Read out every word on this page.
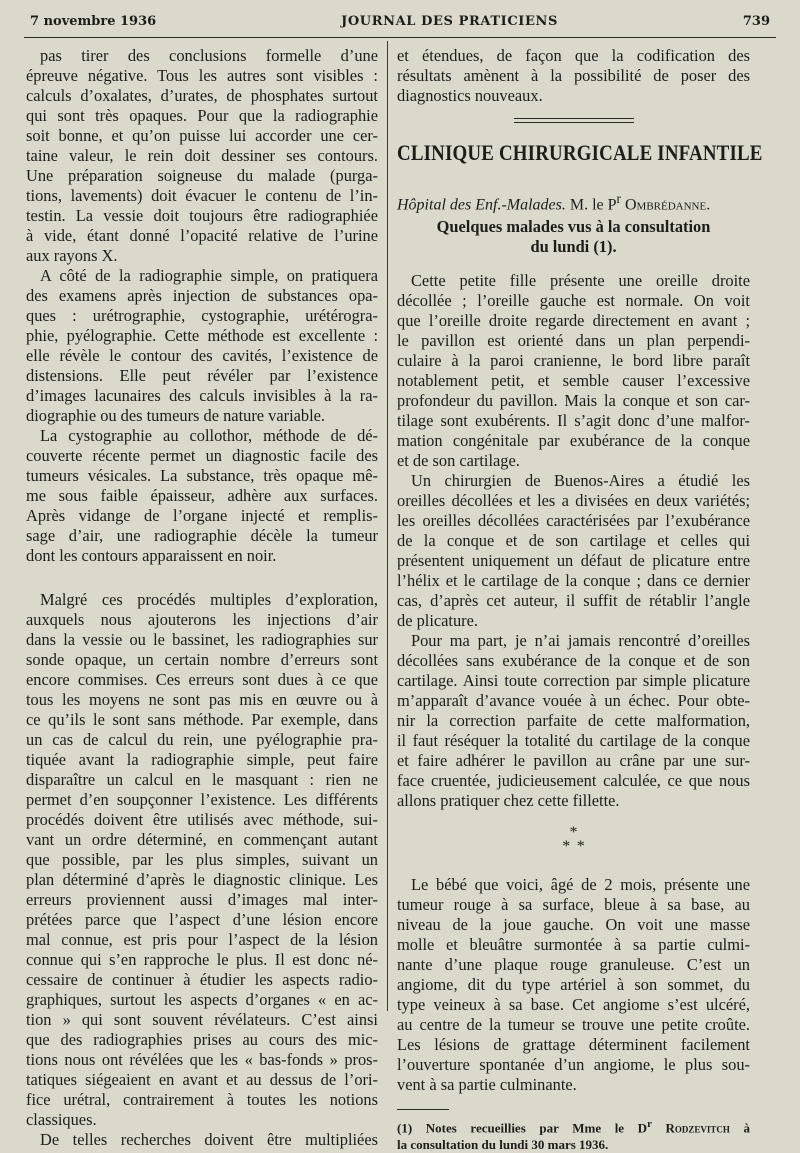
7 novembre 1936	JOURNAL DES PRATICIENS	739
pas tirer des conclusions formelle d’une
épreuve négative. Tous les autres sont visibles :
calculs d’oxalates, d’urates, de phosphates surtout
qui sont très opaques. Pour que la radiographie
soit bonne, et qu’on puisse lui accorder une cer-
taine valeur, le rein doit dessiner ses contours.
Une préparation soigneuse du malade (purga-
tions, lavements) doit évacuer le contenu de l’in-
testin. La vessie doit toujours être radiographiée
à vide, étant donné l’opacité relative de l’urine
aux rayons X.
A côté de la radiographie simple, on pratiquera
des examens après injection de substances opa-
ques : urétrographie, cystographie, urétérogra-
phie, pyélographie. Cette méthode est excellente :
elle révèle le contour des cavités, l’existence de
distensions. Elle peut révéler par l’existence
d’images lacunaires des calculs invisibles à la ra-
diographie ou des tumeurs de nature variable.
La cystographie au collothor, méthode de dé-
couverte récente permet un diagnostic facile des
tumeurs vésicales. La substance, très opaque mê-
me sous faible épaisseur, adhère aux surfaces.
Après vidange de l’organe injecté et remplis-
sage d’air, une radiographie décèle la tumeur
dont les contours apparaissent en noir.
Malgré ces procédés multiples d’exploration,
auxquels nous ajouterons les injections d’air
dans la vessie ou le bassinet, les radiographies sur
sonde opaque, un certain nombre d’erreurs sont
encore commises. Ces erreurs sont dues à ce que
tous les moyens ne sont pas mis en œuvre ou à
ce qu’ils le sont sans méthode. Par exemple, dans
un cas de calcul du rein, une pyélographie pra-
tiquée avant la radiographie simple, peut faire
disparaître un calcul en le masquant : rien ne
permet d’en soupçonner l’existence. Les différents
procédés doivent être utilisés avec méthode, sui-
vant un ordre déterminé, en commençant autant
que possible, par les plus simples, suivant un
plan déterminé d’après le diagnostic clinique. Les
erreurs proviennent aussi d’images mal inter-
prétées parce que l’aspect d’une lésion encore
mal connue, est pris pour l’aspect de la lésion
connue qui s’en rapproche le plus. Il est donc né-
cessaire de continuer à étudier les aspects radio-
graphiques, surtout les aspects d’organes « en ac-
tion » qui sont souvent révélateurs. C’est ainsi
que des radiographies prises au cours des mic-
tions nous ont révélées que les « bas-fonds » pros-
tatiques siégeaient en avant et au dessus de l’ori-
fice urétral, contrairement à toutes les notions
classiques.
De telles recherches doivent être multipliées
et étendues, de façon que la codification des
résultats amènent à la possibilité de poser des
diagnostics nouveaux.
CLINIQUE CHIRURGICALE INFANTILE
Hôpital des Enf.-Malades. M. le $P^r$ Ombrédanne.
Quelques malades vus à la consultation
du lundi (1).
Cette petite fille présente une oreille droite
décollée ; l’oreille gauche est normale. On voit
que l’oreille droite regarde directement en avant ;
le pavillon est orienté dans un plan perpendi-
culaire à la paroi cranienne, le bord libre paraît
notablement petit, et semble causer l’excessive
profondeur du pavillon. Mais la conque et son car-
tilage sont exubérents. Il s’agit donc d’une malfor-
mation congénitale par exubérance de la conque
et de son cartilage.
Un chirurgien de Buenos-Aires a étudié les
oreilles décollées et les a divisées en deux variétés;
les oreilles décollées caractérisées par l’exubérance
de la conque et de son cartilage et celles qui
présentent uniquement un défaut de plicature entre
l’hélix et le cartilage de la conque ; dans ce dernier
cas, d’après cet auteur, il suffit de rétablir l’angle
de plicature.
Pour ma part, je n’ai jamais rencontré d’oreilles
décollées sans exubérance de la conque et de son
cartilage. Ainsi toute correction par simple plicature
m’apparaît d’avance vouée à un échec. Pour obte-
nir la correction parfaite de cette malformation,
il faut réséquer la totalité du cartilage de la conque
et faire adhérer le pavillon au crâne par une sur-
face cruentée, judicieusement calculée, ce que nous
allons pratiquer chez cette fillette.
*
* *
Le bébé que voici, âgé de 2 mois, présente une
tumeur rouge à sa surface, bleue à sa base, au
niveau de la joue gauche. On voit une masse
molle et bleuâtre surmontée à sa partie culmi-
nante d’une plaque rouge granuleuse. C’est un
angiome, dit du type artériel à son sommet, du
type veineux à sa base. Cet angiome s’est ulcéré,
au centre de la tumeur se trouve une petite croûte.
Les lésions de grattage déterminent facilement
l’ouverture spontanée d’un angiome, le plus sou-
vent à sa partie culminante.
(1) Notes recueillies par Mme le $D^r$ Rodzevitch à
la consultation du lundi 30 mars 1936.
